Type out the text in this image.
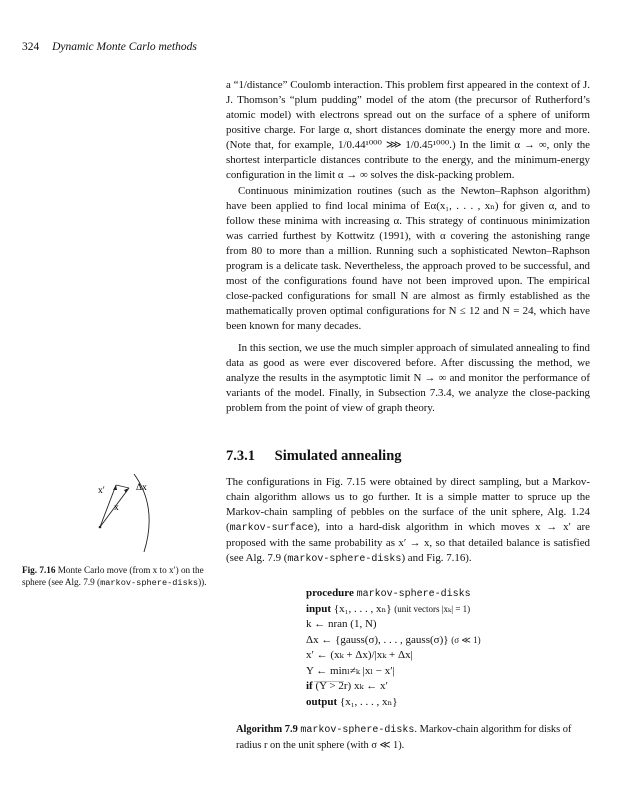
324 Dynamic Monte Carlo methods

a “1/distance” Coulomb interaction. This problem first appeared in the context of J. J. Thomson’s “plum pudding” model of the atom (the precursor of Rutherford’s atomic model) with electrons spread out on the surface of a sphere of uniform positive charge. For large α, short distances dominate the energy more and more. (Note that, for example, 1/0.44¹⁰⁰⁰ ⋙ 1/0.45¹⁰⁰⁰.) In the limit α → ∞, only the shortest interparticle distances contribute to the energy, and the minimum-energy configuration in the limit α → ∞ solves the disk-packing problem.

Continuous minimization routines (such as the Newton–Raphson algorithm) have been applied to find local minima of Eα(x₁, . . . , xₙ) for given α, and to follow these minima with increasing α. This strategy of continuous minimization was carried furthest by Kottwitz (1991), with α covering the astonishing range from 80 to more than a million. Running such a sophisticated Newton–Raphson program is a delicate task. Nevertheless, the approach proved to be successful, and most of the configurations found have not been improved upon. The empirical close-packed configurations for small N are almost as firmly established as the mathematically proven optimal configurations for N ≤ 12 and N = 24, which have been known for many decades.

In this section, we use the much simpler approach of simulated annealing to find data as good as were ever discovered before. After discussing the method, we analyze the results in the asymptotic limit N → ∞ and monitor the performance of variants of the model. Finally, in Subsection 7.3.4, we analyze the close-packing problem from the point of view of graph theory.

7.3.1 Simulated annealing

The configurations in Fig. 7.15 were obtained by direct sampling, but a Markov-chain algorithm allows us to go further. It is a simple matter to spruce up the Markov-chain sampling of pebbles on the surface of the unit sphere, Alg. 1.24 (markov-surface), into a hard-disk algorithm in which moves x → x′ are proposed with the same probability as x′ → x, so that detailed balance is satisfied (see Alg. 7.9 (markov-sphere-disks) and Fig. 7.16).

x′	Δx
x
Fig. 7.16 Monte Carlo move (from x to x′) on the sphere (see Alg. 7.9 (markov-sphere-disks)).
procedure markov-sphere-disks
input {x₁, . . . , xₙ} (unit vectors |xₖ| = 1)
k ← nran (1, N)
Δx ← {gauss(σ), . . . , gauss(σ)} (σ ≪ 1)
x′ ← (xₖ + Δx)/|xₖ + Δx|
Υ ← minₗ≠ₖ |xₗ − x′|
if (Υ > 2r) xₖ ← x′
output {x₁, . . . , xₙ}
Algorithm 7.9 markov-sphere-disks. Markov-chain algorithm for disks of radius r on the unit sphere (with σ ≪ 1).
